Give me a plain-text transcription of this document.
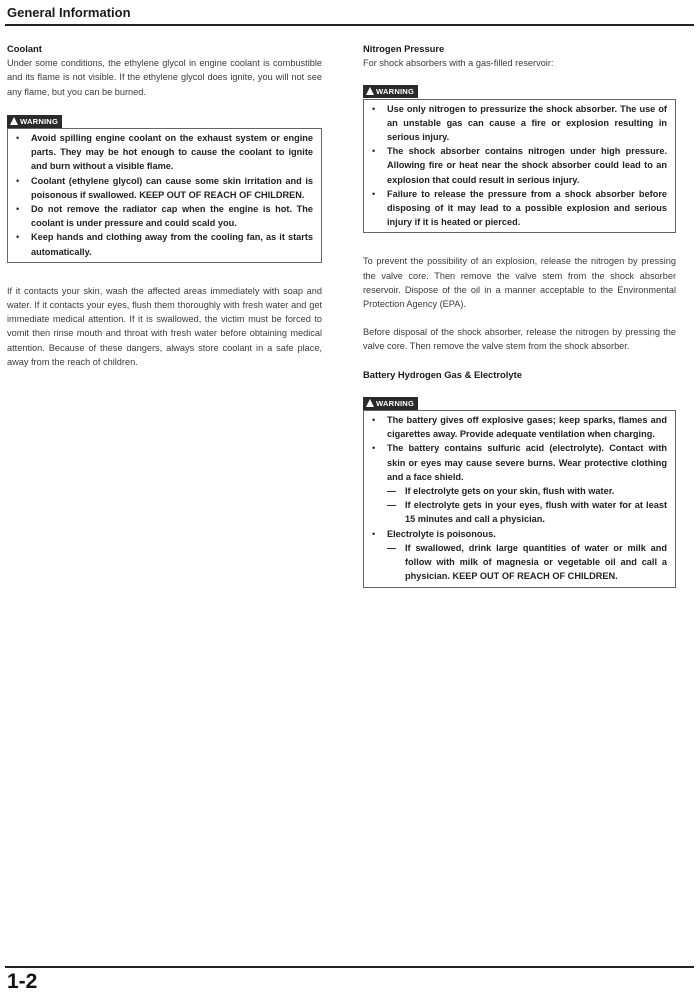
General Information
Coolant
Under some conditions, the ethylene glycol in engine coolant is combustible and its flame is not visible. If the ethylene glycol does ignite, you will not see any flame, but you can be burned.
WARNING
• Avoid spilling engine coolant on the exhaust system or engine parts. They may be hot enough to cause the coolant to ignite and burn without a visible flame.
• Coolant (ethylene glycol) can cause some skin irritation and is poisonous if swallowed. KEEP OUT OF REACH OF CHILDREN.
• Do not remove the radiator cap when the engine is hot. The coolant is under pressure and could scald you.
• Keep hands and clothing away from the cooling fan, as it starts automatically.
If it contacts your skin, wash the affected areas immediately with soap and water. If it contacts your eyes, flush them thoroughly with fresh water and get immediate medical attention. If it is swallowed, the victim must be forced to vomit then rinse mouth and throat with fresh water before obtaining medical attention. Because of these dangers, always store coolant in a safe place, away from the reach of children.
Nitrogen Pressure
For shock absorbers with a gas-filled reservoir:
WARNING
• Use only nitrogen to pressurize the shock absorber. The use of an unstable gas can cause a fire or explosion resulting in serious injury.
• The shock absorber contains nitrogen under high pressure. Allowing fire or heat near the shock absorber could lead to an explosion that could result in serious injury.
• Failure to release the pressure from a shock absorber before disposing of it may lead to a possible explosion and serious injury if it is heated or pierced.
To prevent the possibility of an explosion, release the nitrogen by pressing the valve core. Then remove the valve stem from the shock absorber reservoir. Dispose of the oil in a manner acceptable to the Environmental Protection Agency (EPA).
Before disposal of the shock absorber, release the nitrogen by pressing the valve core. Then remove the valve stem from the shock absorber.
Battery Hydrogen Gas & Electrolyte
WARNING
• The battery gives off explosive gases; keep sparks, flames and cigarettes away. Provide adequate ventilation when charging.
• The battery contains sulfuric acid (electrolyte). Contact with skin or eyes may cause severe burns. Wear protective clothing and a face shield.
— If electrolyte gets on your skin, flush with water.
— If electrolyte gets in your eyes, flush with water for at least 15 minutes and call a physician.
• Electrolyte is poisonous.
— If swallowed, drink large quantities of water or milk and follow with milk of magnesia or vegetable oil and call a physician. KEEP OUT OF REACH OF CHILDREN.
1-2
